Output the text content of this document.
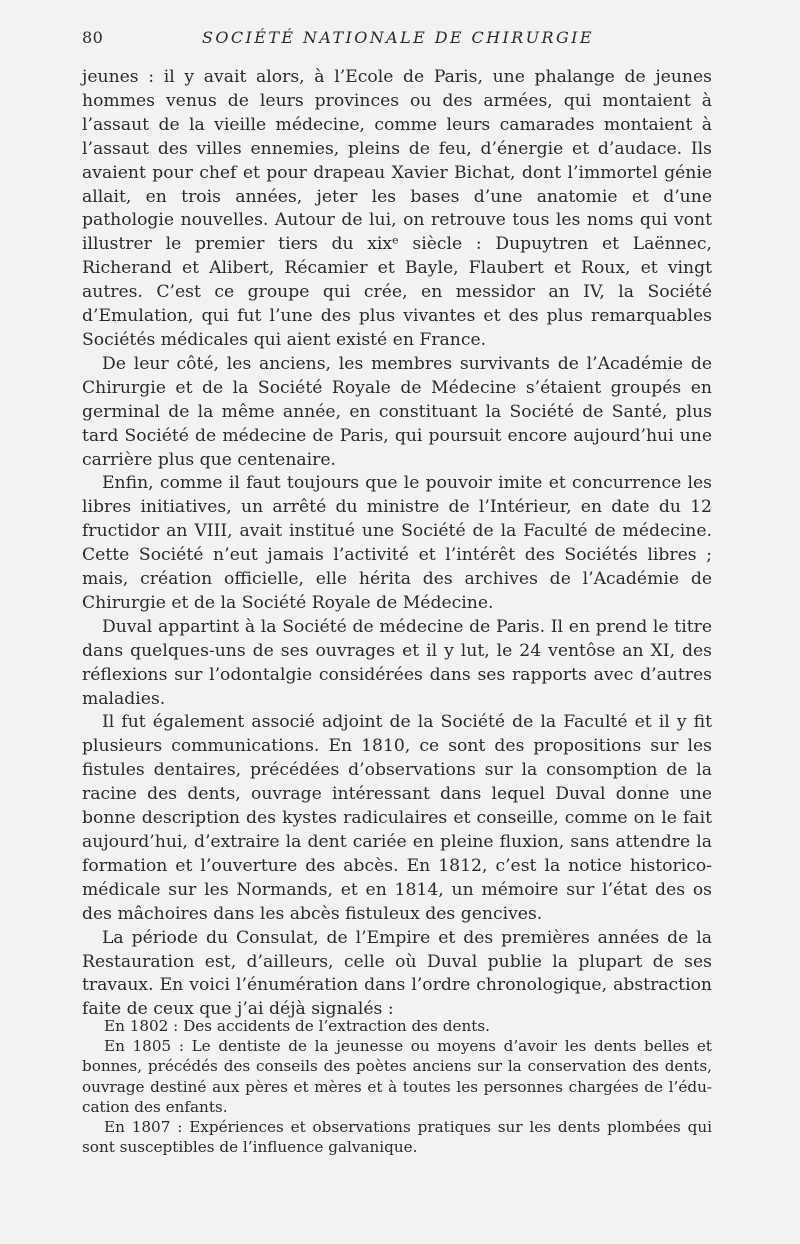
80	SOCIÉTÉ NATIONALE DE CHIRURGIE

jeunes : il y avait alors, à l’Ecole de Paris, une phalange de jeunes hommes venus de leurs provinces ou des armées, qui montaient à l’assaut de la vieille médecine, comme leurs camarades montaient à l’assaut des villes ennemies, pleins de feu, d’énergie et d’audace. Ils avaient pour chef et pour drapeau Xavier Bichat, dont l’immortel génie allait, en trois années, jeter les bases d’une anatomie et d’une pathologie nouvelles. Autour de lui, on retrouve tous les noms qui vont illustrer le premier tiers du xixᵉ siècle : Dupuytren et Laënnec, Richerand et Alibert, Récamier et Bayle, Flaubert et Roux, et vingt autres. C’est ce groupe qui crée, en messidor an IV, la Société d’Emulation, qui fut l’une des plus vivantes et des plus remarquables Sociétés médicales qui aient existé en France.

De leur côté, les anciens, les membres survivants de l’Académie de Chirurgie et de la Société Royale de Médecine s’étaient groupés en germinal de la même année, en constituant la Société de Santé, plus tard Société de médecine de Paris, qui poursuit encore aujourd’hui une carrière plus que centenaire.

Enfin, comme il faut toujours que le pouvoir imite et concurrence les libres initiatives, un arrêté du ministre de l’Intérieur, en date du 12 fructidor an VIII, avait institué une Société de la Faculté de médecine. Cette Société n’eut jamais l’activité et l’intérêt des Sociétés libres ; mais, création officielle, elle hérita des archives de l’Académie de Chirurgie et de la Société Royale de Médecine.

Duval appartint à la Société de médecine de Paris. Il en prend le titre dans quelques-uns de ses ouvrages et il y lut, le 24 ventôse an XI, des réflexions sur l’odontalgie considérées dans ses rapports avec d’autres maladies.

Il fut également associé adjoint de la Société de la Faculté et il y fit plusieurs communications. En 1810, ce sont des propositions sur les fistules dentaires, précédées d’observations sur la consomption de la racine des dents, ouvrage intéressant dans lequel Duval donne une bonne description des kystes radiculaires et conseille, comme on le fait aujourd’hui, d’extraire la dent cariée en pleine fluxion, sans attendre la formation et l’ouverture des abcès. En 1812, c’est la notice historico-médicale sur les Normands, et en 1814, un mémoire sur l’état des os des mâchoires dans les abcès fistuleux des gencives.

La période du Consulat, de l’Empire et des premières années de la Restauration est, d’ailleurs, celle où Duval publie la plupart de ses travaux. En voici l’énumération dans l’ordre chronologique, abstraction faite de ceux que j’ai déjà signalés :

En 1802 : Des accidents de l’extraction des dents.

En 1805 : Le dentiste de la jeunesse ou moyens d’avoir les dents belles et bonnes, précédés des conseils des poètes anciens sur la conservation des dents, ouvrage destiné aux pères et mères et à toutes les personnes chargées de l’éducation des enfants.

En 1807 : Expériences et observations pratiques sur les dents plombées qui sont susceptibles de l’influence galvanique.
